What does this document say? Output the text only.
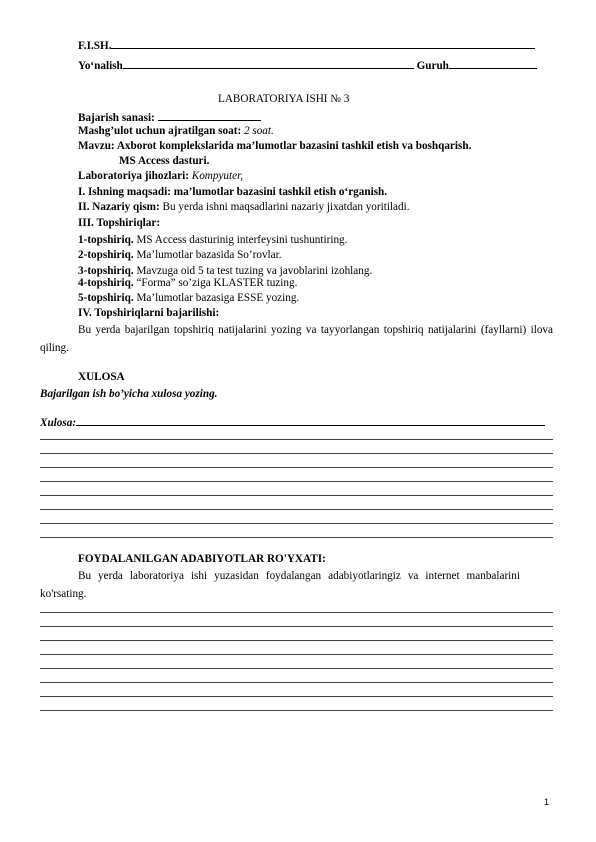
F.I.SH.
Yo‘nalish	Guruh
LABORATORIYA ISHI № 3
Bajarish sanasi:
Mashg’ulot uchun ajratilgan soat: 2 soat.
Mavzu: Axborot komplekslarida ma’lumotlar bazasini tashkil etish va boshqarish.
MS Access dasturi.
Laboratoriya jihozlari: Kompyuter,
I. Ishning maqsadi: ma’lumotlar bazasini tashkil etish o‘rganish.
II. Nazariy qism: Bu yerda ishni maqsadlarini nazariy jixatdan yoritiladi.
III. Topshiriqlar:
1-topshiriq. MS Access dasturinig interfeysini tushuntiring.
2-topshiriq. Ma’lumotlar bazasida So’rovlar.
3-topshiriq. Mavzuga oid 5 ta test tuzing va javoblarini izohlang.
4-topshiriq. “Forma” so’ziga KLASTER tuzing.
5-topshiriq. Ma’lumotlar bazasiga ESSE yozing.
IV. Topshiriqlarni bajarilishi:
Bu yerda bajarilgan topshiriq natijalarini yozing va tayyorlangan topshiriq natijalarini (fayllarni) ilova qiling.
XULOSA
Bajarilgan ish bo’yicha xulosa yozing.
Xulosa:
FOYDALANILGAN ADABIYOTLAR RO'YXATI:
Bu yerda laboratoriya ishi yuzasidan foydalangan adabiyotlaringiz va internet manbalarini ko'rsating.
1
